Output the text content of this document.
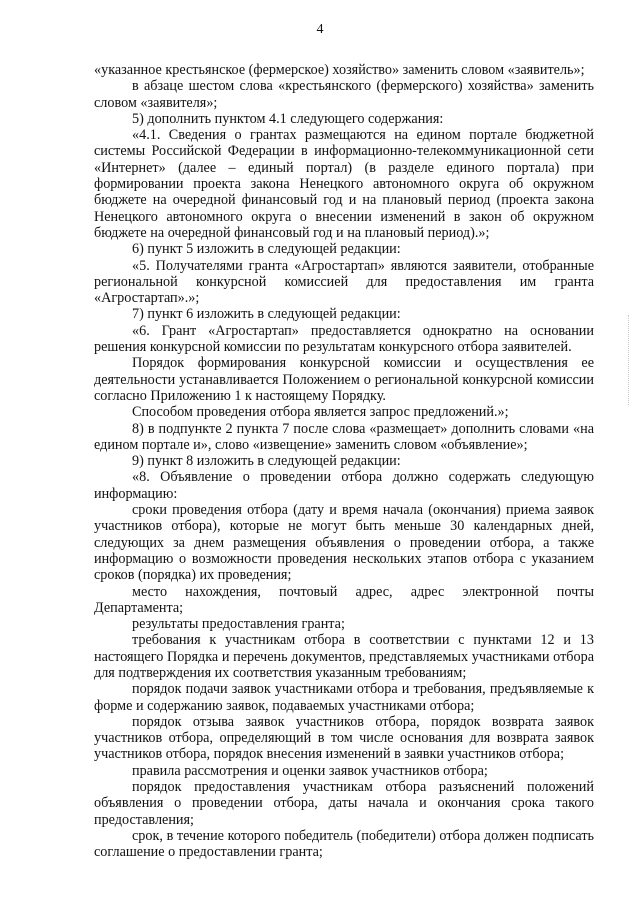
4

«указанное крестьянское (фермерское) хозяйство» заменить словом «заявитель»;

в абзаце шестом слова «крестьянского (фермерского) хозяйства» заменить словом «заявителя»;

5) дополнить пунктом 4.1 следующего содержания:

«4.1. Сведения о грантах размещаются на едином портале бюджетной системы Российской Федерации в информационно-телекоммуникационной сети «Интернет» (далее – единый портал) (в разделе единого портала) при формировании проекта закона Ненецкого автономного округа об окружном бюджете на очередной финансовый год и на плановый период (проекта закона Ненецкого автономного округа о внесении изменений в закон об окружном бюджете на очередной финансовый год и на плановый период).»;

6) пункт 5 изложить в следующей редакции:

«5. Получателями гранта «Агростартап» являются заявители, отобранные региональной конкурсной комиссией для предоставления им гранта «Агростартап».»;

7) пункт 6 изложить в следующей редакции:

«6. Грант «Агростартап» предоставляется однократно на основании решения конкурсной комиссии по результатам конкурсного отбора заявителей.

Порядок формирования конкурсной комиссии и осуществления ее деятельности устанавливается Положением о региональной конкурсной комиссии согласно Приложению 1 к настоящему Порядку.

Способом проведения отбора является запрос предложений.»;

8) в подпункте 2 пункта 7 после слова «размещает» дополнить словами «на едином портале и», слово «извещение» заменить словом «объявление»;

9) пункт 8 изложить в следующей редакции:

«8. Объявление о проведении отбора должно содержать следующую информацию:

сроки проведения отбора (дату и время начала (окончания) приема заявок участников отбора), которые не могут быть меньше 30 календарных дней, следующих за днем размещения объявления о проведении отбора, а также информацию о возможности проведения нескольких этапов отбора с указанием сроков (порядка) их проведения;

место нахождения, почтовый адрес, адрес электронной почты Департамента;

результаты предоставления гранта;

требования к участникам отбора в соответствии с пунктами 12 и 13 настоящего Порядка и перечень документов, представляемых участниками отбора для подтверждения их соответствия указанным требованиям;

порядок подачи заявок участниками отбора и требования, предъявляемые к форме и содержанию заявок, подаваемых участниками отбора;

порядок отзыва заявок участников отбора, порядок возврата заявок участников отбора, определяющий в том числе основания для возврата заявок участников отбора, порядок внесения изменений в заявки участников отбора;

правила рассмотрения и оценки заявок участников отбора;

порядок предоставления участникам отбора разъяснений положений объявления о проведении отбора, даты начала и окончания срока такого предоставления;

срок, в течение которого победитель (победители) отбора должен подписать соглашение о предоставлении гранта;
